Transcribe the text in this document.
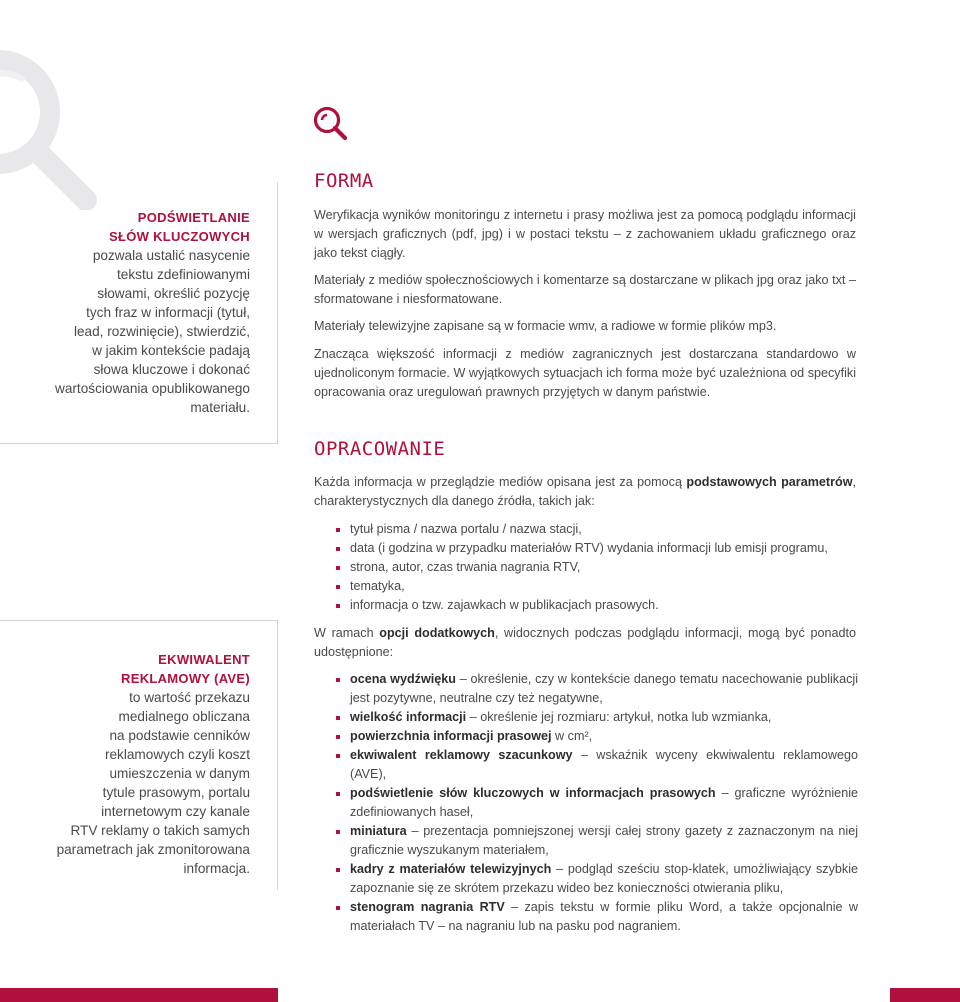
PODŚWIETLANIE
SŁÓW KLUCZOWYCH
pozwala ustalić nasycenie
tekstu zdefiniowanymi
słowami, określić pozycję
tych fraz w informacji (tytuł,
lead, rozwinięcie), stwierdzić,
w jakim kontekście padają
słowa kluczowe i dokonać
wartościowania opublikowanego
materiału.
EKWIWALENT
REKLAMOWY (AVE)
to wartość przekazu
medialnego obliczana
na podstawie cenników
reklamowych czyli koszt
umieszczenia w danym
tytule prasowym, portalu
internetowym czy kanale
RTV reklamy o takich samych
parametrach jak zmonitorowana
informacja.
FORMA

Weryfikacja wyników monitoringu z internetu i prasy możliwa jest za pomocą podglądu informacji w wersjach graficznych (pdf, jpg) i w postaci tekstu – z zachowaniem układu graficznego oraz jako tekst ciągły.

Materiały z mediów społecznościowych i komentarze są dostarczane w plikach jpg oraz jako txt – sformatowane i niesformatowane.

Materiały telewizyjne zapisane są w formacie wmv, a radiowe w formie plików mp3.

Znacząca większość informacji z mediów zagranicznych jest dostarczana standardowo w ujednoliconym formacie. W wyjątkowych sytuacjach ich forma może być uzależniona od specyfiki opracowania oraz uregulowań prawnych przyjętych w danym państwie.

OPRACOWANIE

Każda informacja w przeglądzie mediów opisana jest za pomocą podstawowych parametrów, charakterystycznych dla danego źródła, takich jak:

tytuł pisma / nazwa portalu / nazwa stacji,
data (i godzina w przypadku materiałów RTV) wydania informacji lub emisji programu,
strona, autor, czas trwania nagrania RTV,
tematyka,
informacja o tzw. zajawkach w publikacjach prasowych.

W ramach opcji dodatkowych, widocznych podczas podglądu informacji, mogą być ponadto udostępnione:

ocena wydźwięku – określenie, czy w kontekście danego tematu nacechowanie publikacji jest pozytywne, neutralne czy też negatywne,
wielkość informacji – określenie jej rozmiaru: artykuł, notka lub wzmianka,
powierzchnia informacji prasowej w cm²,
ekwiwalent reklamowy szacunkowy – wskaźnik wyceny ekwiwalentu reklamowego (AVE),
podświetlenie słów kluczowych w informacjach prasowych – graficzne wyróżnienie zdefiniowanych haseł,
miniatura – prezentacja pomniejszonej wersji całej strony gazety z zaznaczonym na niej graficznie wyszukanym materiałem,
kadry z materiałów telewizyjnych – podgląd sześciu stop-klatek, umożliwiający szybkie zapoznanie się ze skrótem przekazu wideo bez konieczności otwierania pliku,
stenogram nagrania RTV – zapis tekstu w formie pliku Word, a także opcjonalnie w materiałach TV – na nagraniu lub na pasku pod nagraniem.
